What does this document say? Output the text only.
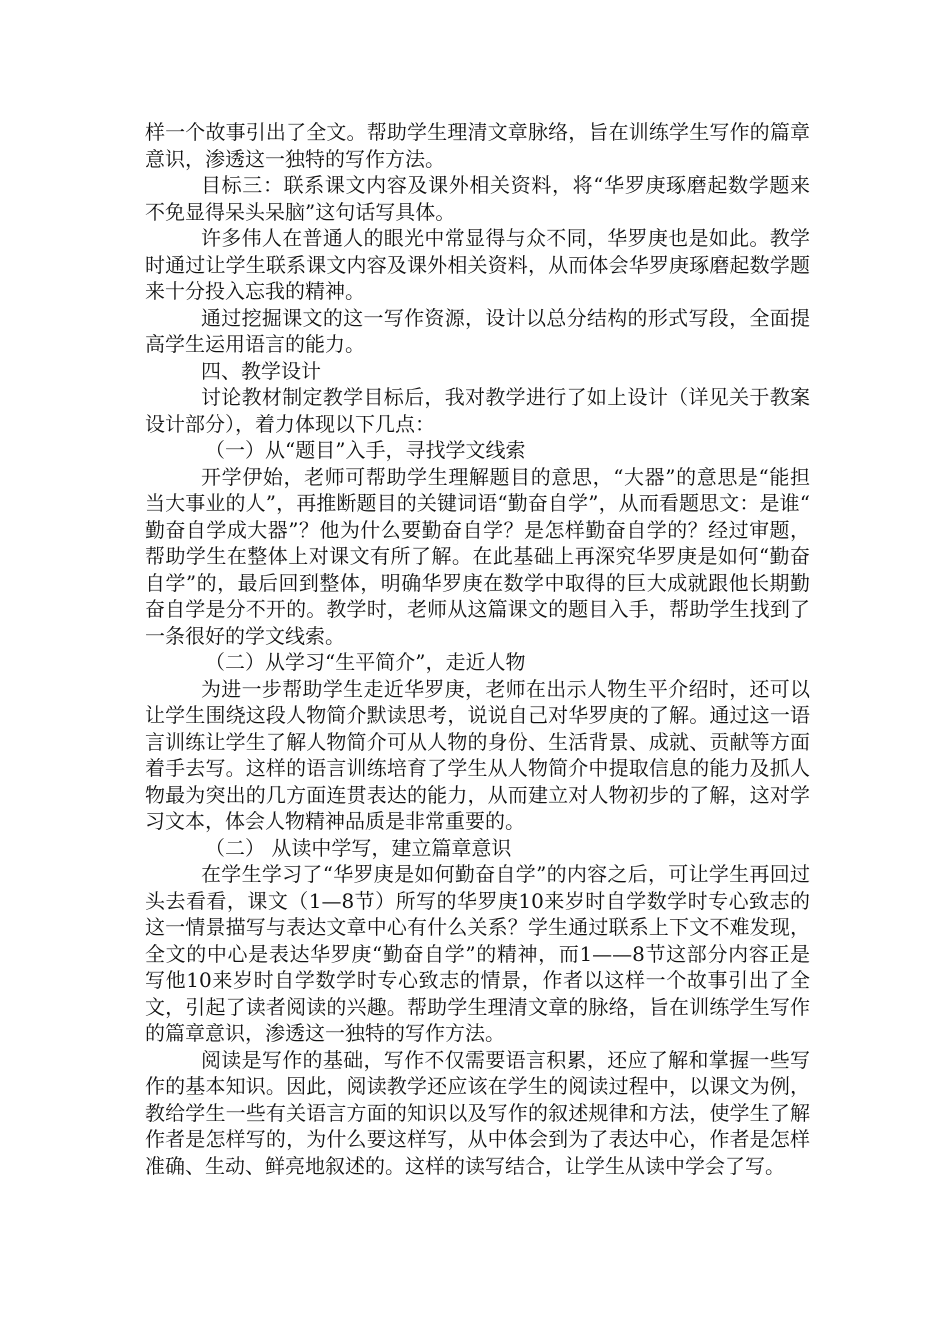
样一个故事引出了全文。帮助学生理清文章脉络，旨在训练学生写作的篇章意识，渗透这一独特的写作方法。

目标三：联系课文内容及课外相关资料，将“华罗庚琢磨起数学题来不免显得呆头呆脑”这句话写具体。

许多伟人在普通人的眼光中常显得与众不同，华罗庚也是如此。教学时通过让学生联系课文内容及课外相关资料，从而体会华罗庚琢磨起数学题来十分投入忘我的精神。

通过挖掘课文的这一写作资源，设计以总分结构的形式写段，全面提高学生运用语言的能力。

四、教学设计

讨论教材制定教学目标后，我对教学进行了如上设计（详见关于教案设计部分），着力体现以下几点：

（一）从“题目”入手，寻找学文线索

开学伊始，老师可帮助学生理解题目的意思，“大器”的意思是“能担当大事业的人”，再推断题目的关键词语“勤奋自学”，从而看题思文：是谁“勤奋自学成大器”？他为什么要勤奋自学？是怎样勤奋自学的？经过审题，帮助学生在整体上对课文有所了解。在此基础上再深究华罗庚是如何“勤奋自学”的，最后回到整体，明确华罗庚在数学中取得的巨大成就跟他长期勤奋自学是分不开的。教学时，老师从这篇课文的题目入手，帮助学生找到了一条很好的学文线索。

（二）从学习“生平简介”，走近人物

为进一步帮助学生走近华罗庚，老师在出示人物生平介绍时，还可以让学生围绕这段人物简介默读思考，说说自己对华罗庚的了解。通过这一语言训练让学生了解人物简介可从人物的身份、生活背景、成就、贡献等方面着手去写。这样的语言训练培育了学生从人物简介中提取信息的能力及抓人物最为突出的几方面连贯表达的能力，从而建立对人物初步的了解，这对学习文本，体会人物精神品质是非常重要的。

（二） 从读中学写，建立篇章意识

在学生学习了“华罗庚是如何勤奋自学”的内容之后，可让学生再回过头去看看，课文（1—8节）所写的华罗庚10来岁时自学数学时专心致志的这一情景描写与表达文章中心有什么关系？学生通过联系上下文不难发现，全文的中心是表达华罗庚“勤奋自学”的精神，而1——8节这部分内容正是写他10来岁时自学数学时专心致志的情景，作者以这样一个故事引出了全文，引起了读者阅读的兴趣。帮助学生理清文章的脉络，旨在训练学生写作的篇章意识，渗透这一独特的写作方法。

阅读是写作的基础，写作不仅需要语言积累，还应了解和掌握一些写作的基本知识。因此，阅读教学还应该在学生的阅读过程中，以课文为例，教给学生一些有关语言方面的知识以及写作的叙述规律和方法，使学生了解作者是怎样写的，为什么要这样写，从中体会到为了表达中心，作者是怎样准确、生动、鲜亮地叙述的。这样的读写结合，让学生从读中学会了写。
